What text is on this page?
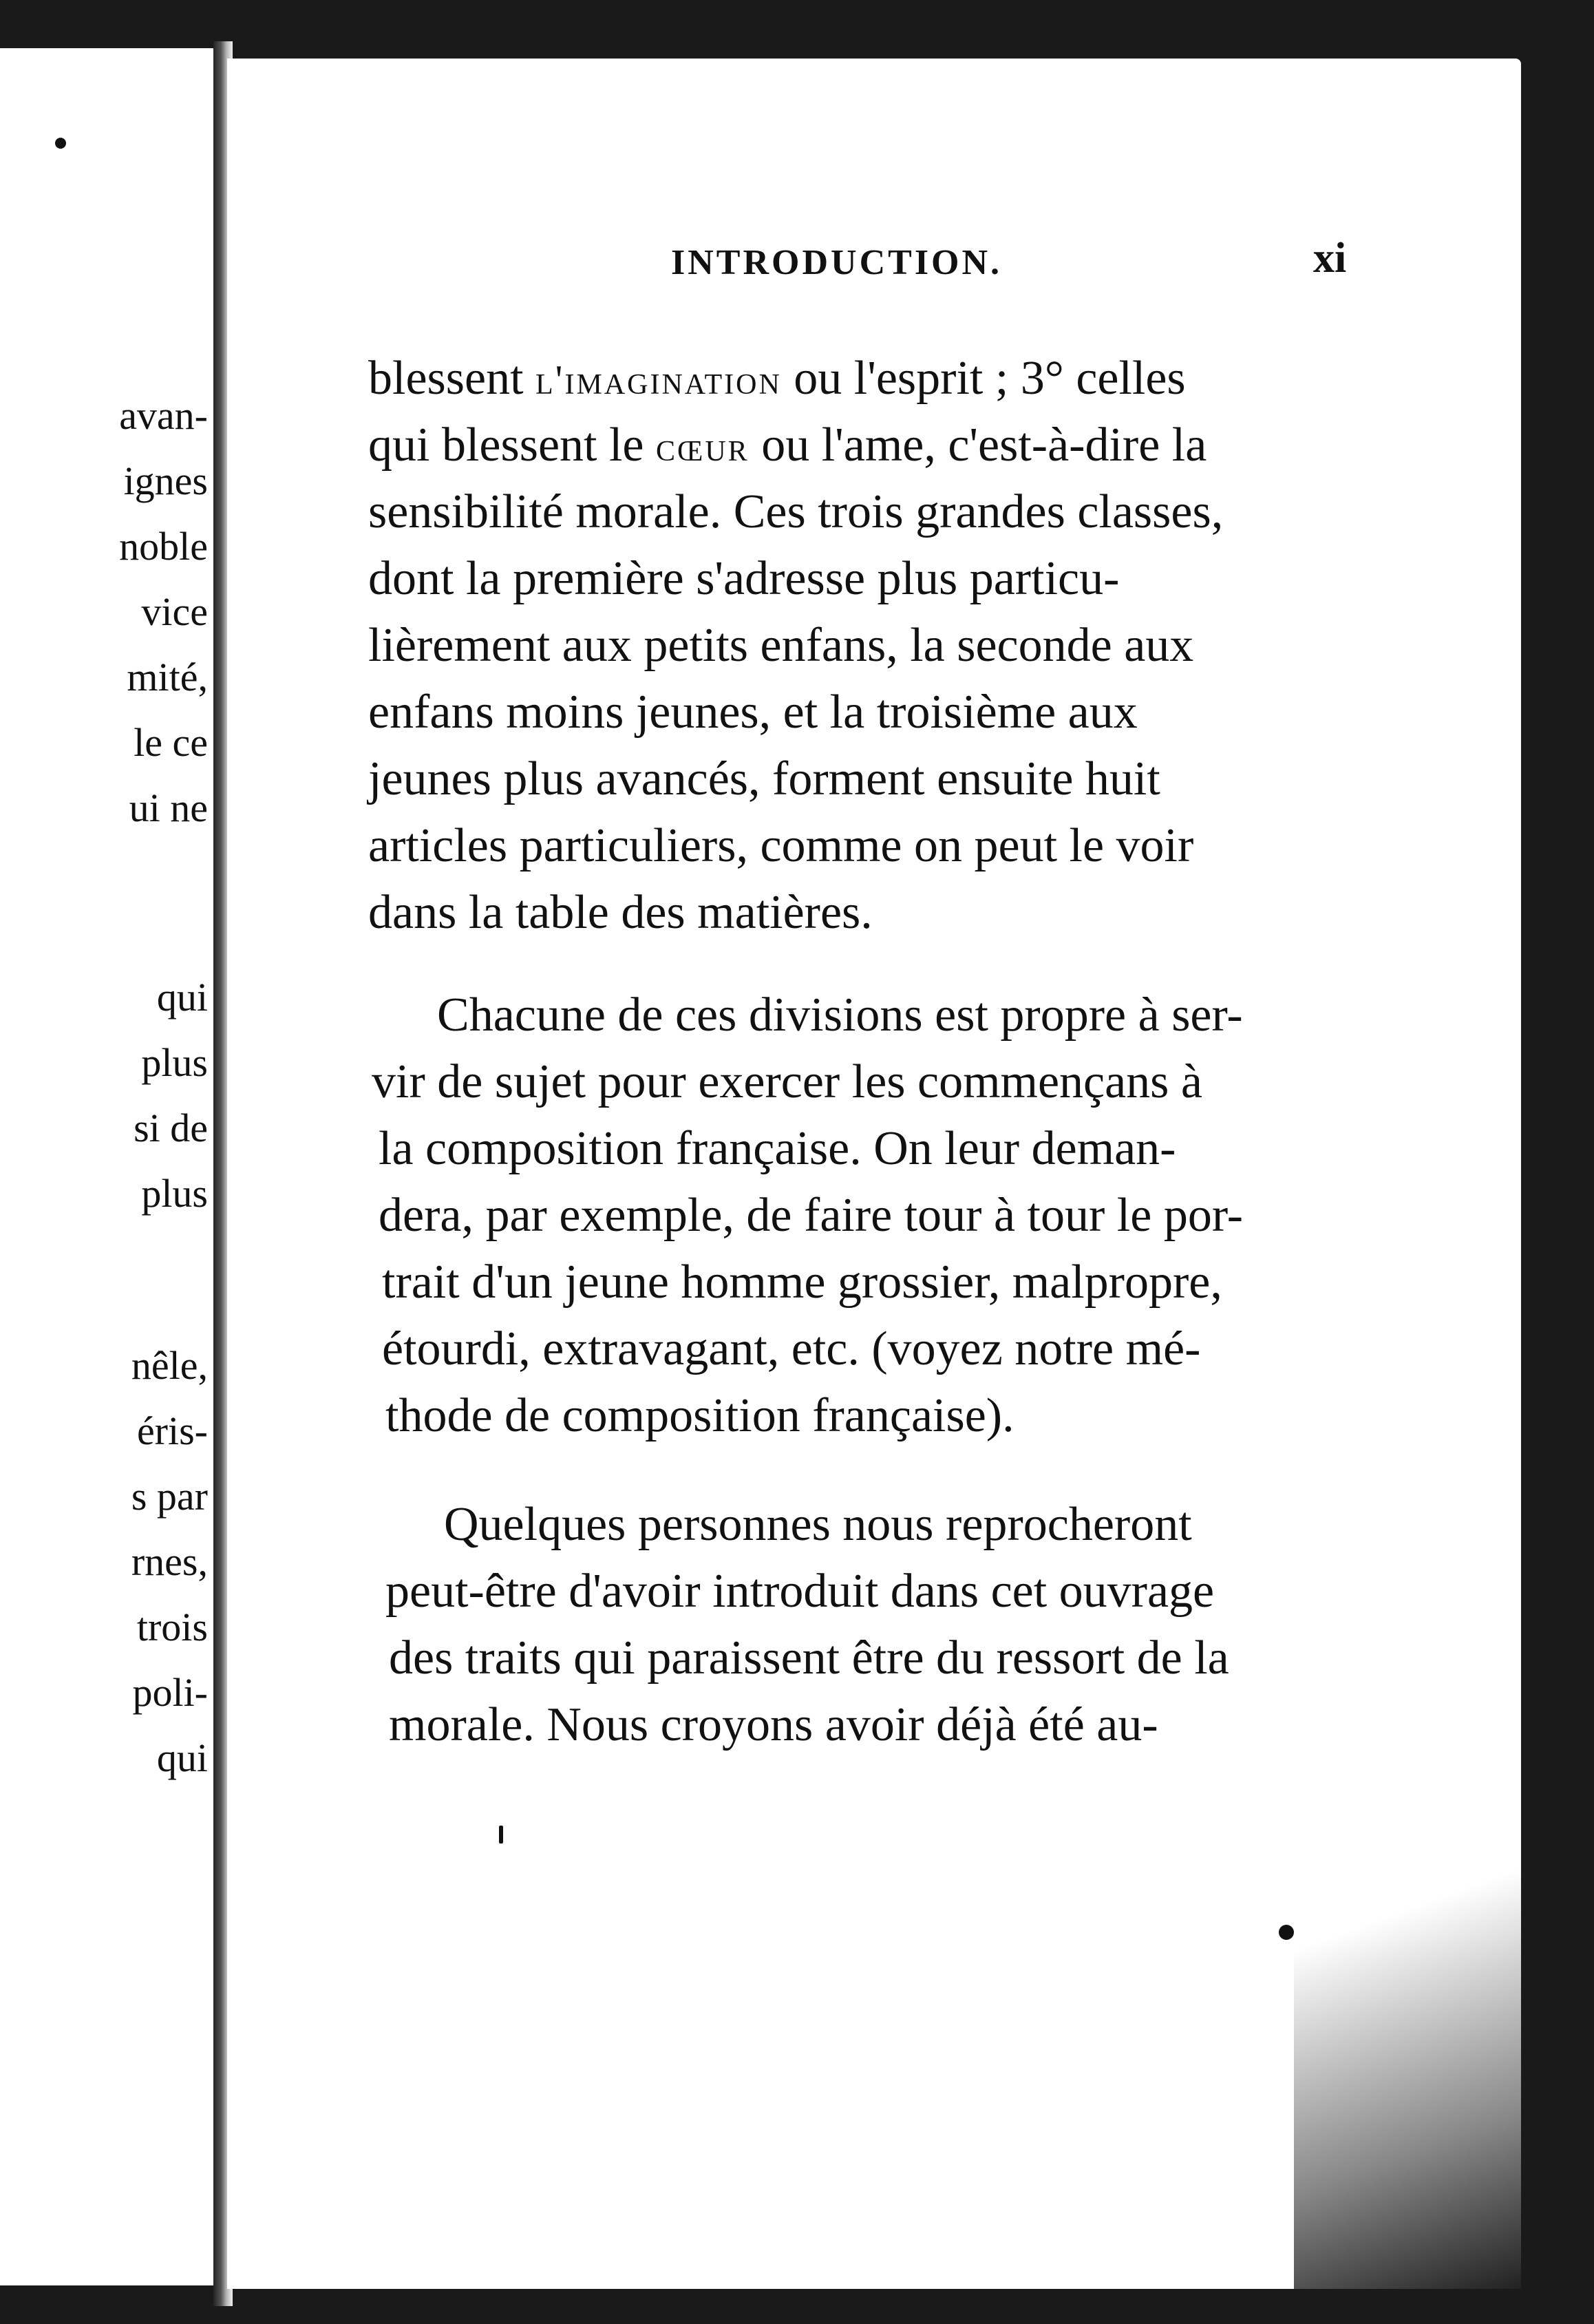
avan-

ignes

noble

vice

mité,

le ce

ui ne

qui

plus

si de

plus

nêle,

éris-

s par

rnes,

trois

poli-

qui

INTRODUCTION.	xi

blessent l'imagination ou l'esprit ; 3° celles

qui blessent le cœur ou l'ame, c'est-à-dire la

sensibilité morale. Ces trois grandes classes,

dont la première s'adresse plus particu-

lièrement aux petits enfans, la seconde aux

enfans moins jeunes, et la troisième aux

jeunes plus avancés, forment ensuite huit

articles particuliers, comme on peut le voir

dans la table des matières.

Chacune de ces divisions est propre à ser-

vir de sujet pour exercer les commençans à

la composition française. On leur deman-

dera, par exemple, de faire tour à tour le por-

trait d'un jeune homme grossier, malpropre,

étourdi, extravagant, etc. (voyez notre mé-

thode de composition française).

Quelques personnes nous reprocheront

peut-être d'avoir introduit dans cet ouvrage

des traits qui paraissent être du ressort de la

morale. Nous croyons avoir déjà été au-
